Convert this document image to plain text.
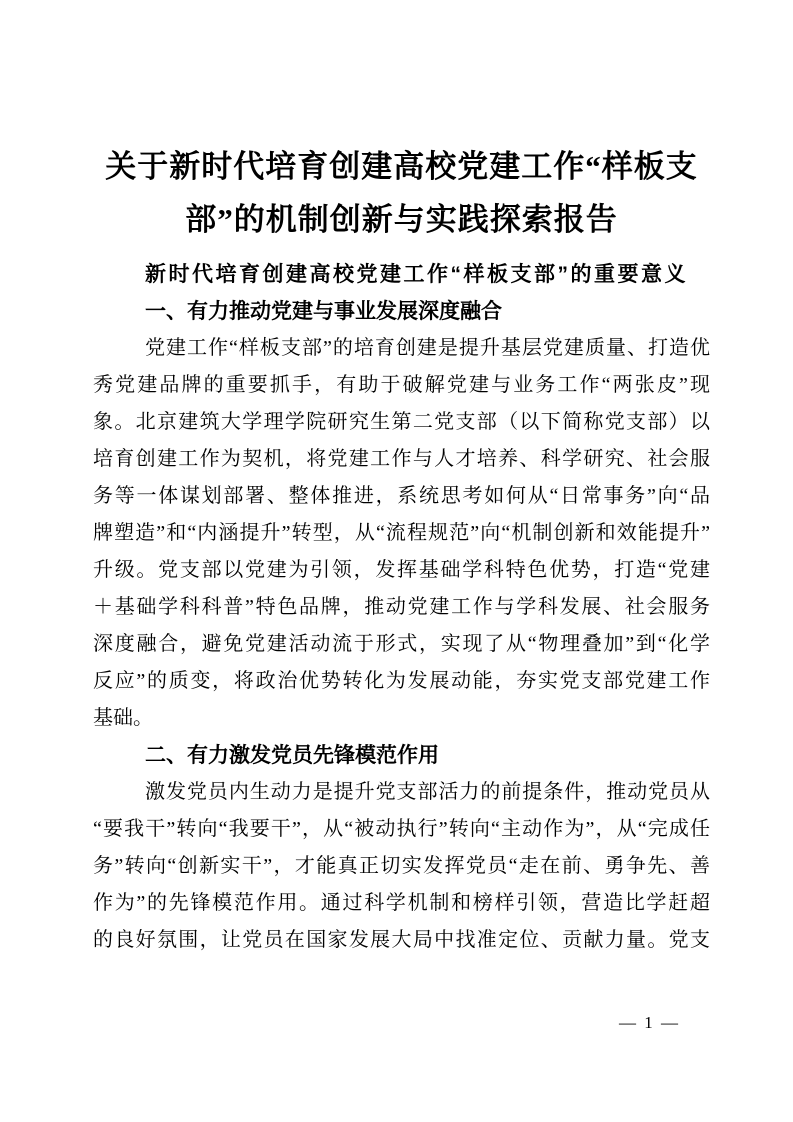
关于新时代培育创建高校党建工作“样板支
部”的机制创新与实践探索报告
新时代培育创建高校党建工作“样板支部”的重要意义
一、有力推动党建与事业发展深度融合
党建工作“样板支部”的培育创建是提升基层党建质量、打造优
秀党建品牌的重要抓手，有助于破解党建与业务工作“两张皮”现
象。北京建筑大学理学院研究生第二党支部（以下简称党支部）以
培育创建工作为契机，将党建工作与人才培养、科学研究、社会服
务等一体谋划部署、整体推进，系统思考如何从“日常事务”向“品
牌塑造”和“内涵提升”转型，从“流程规范”向“机制创新和效能提升”
升级。党支部以党建为引领，发挥基础学科特色优势，打造“党建
＋基础学科科普”特色品牌，推动党建工作与学科发展、社会服务
深度融合，避免党建活动流于形式，实现了从“物理叠加”到“化学
反应”的质变，将政治优势转化为发展动能，夯实党支部党建工作
基础。
二、有力激发党员先锋模范作用
激发党员内生动力是提升党支部活力的前提条件，推动党员从
“要我干”转向“我要干”，从“被动执行”转向“主动作为”，从“完成任
务”转向“创新实干”，才能真正切实发挥党员“走在前、勇争先、善
作为”的先锋模范作用。通过科学机制和榜样引领，营造比学赶超
的良好氛围，让党员在国家发展大局中找准定位、贡献力量。党支
— 1 —
